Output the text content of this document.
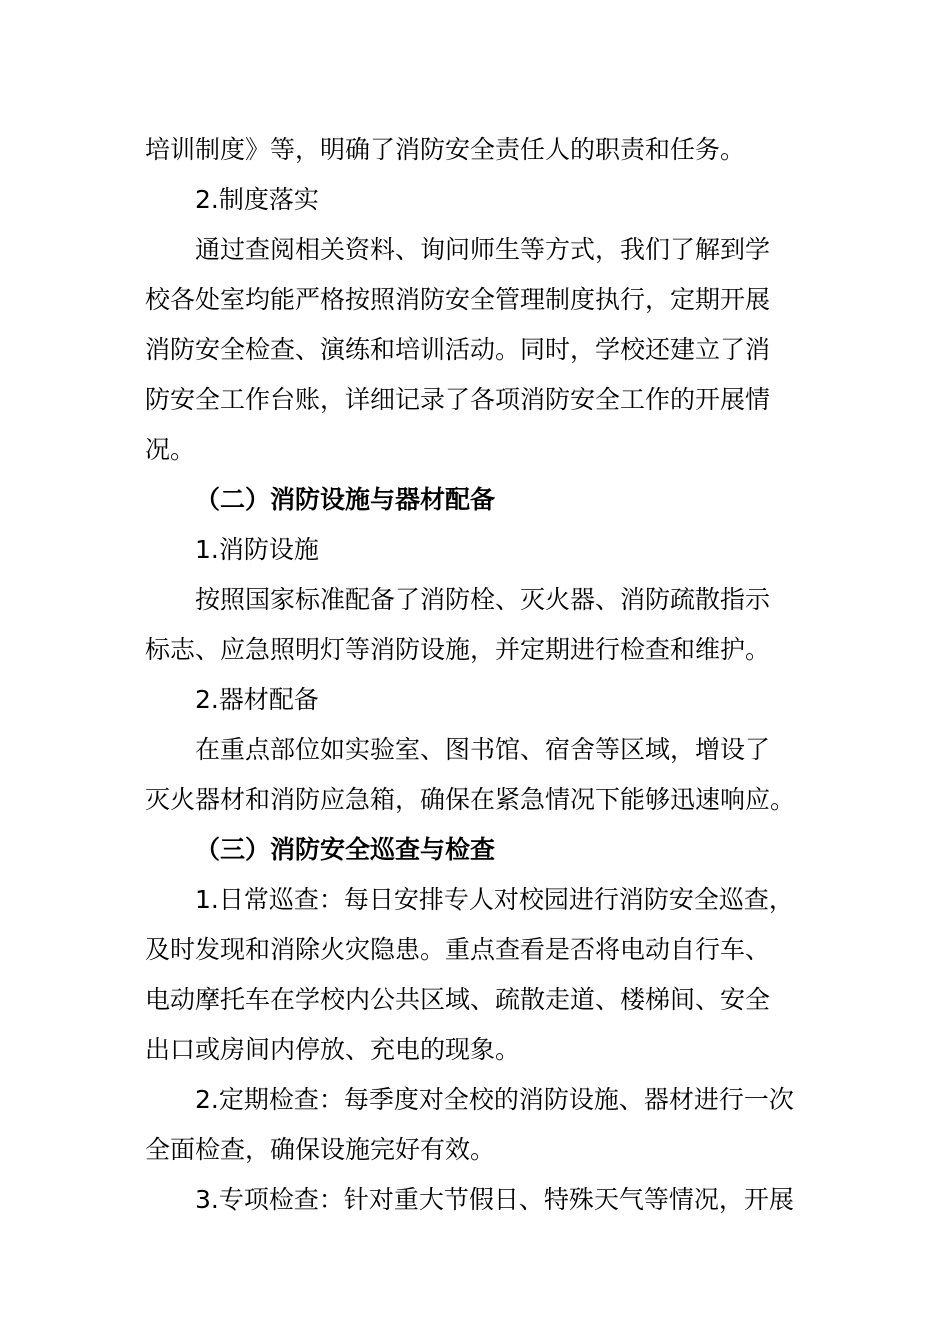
培训制度》等，明确了消防安全责任人的职责和任务。
2.制度落实
通过查阅相关资料、询问师生等方式，我们了解到学
校各处室均能严格按照消防安全管理制度执行，定期开展
消防安全检查、演练和培训活动。同时，学校还建立了消
防安全工作台账，详细记录了各项消防安全工作的开展情
况。
（二）消防设施与器材配备
1.消防设施
按照国家标准配备了消防栓、灭火器、消防疏散指示
标志、应急照明灯等消防设施，并定期进行检查和维护。
2.器材配备
在重点部位如实验室、图书馆、宿舍等区域，增设了
灭火器材和消防应急箱，确保在紧急情况下能够迅速响应。
（三）消防安全巡查与检查
1.日常巡查：每日安排专人对校园进行消防安全巡查，
及时发现和消除火灾隐患。重点查看是否将电动自行车、
电动摩托车在学校内公共区域、疏散走道、楼梯间、安全
出口或房间内停放、充电的现象。
2.定期检查：每季度对全校的消防设施、器材进行一次
全面检查，确保设施完好有效。
3.专项检查：针对重大节假日、特殊天气等情况，开展
